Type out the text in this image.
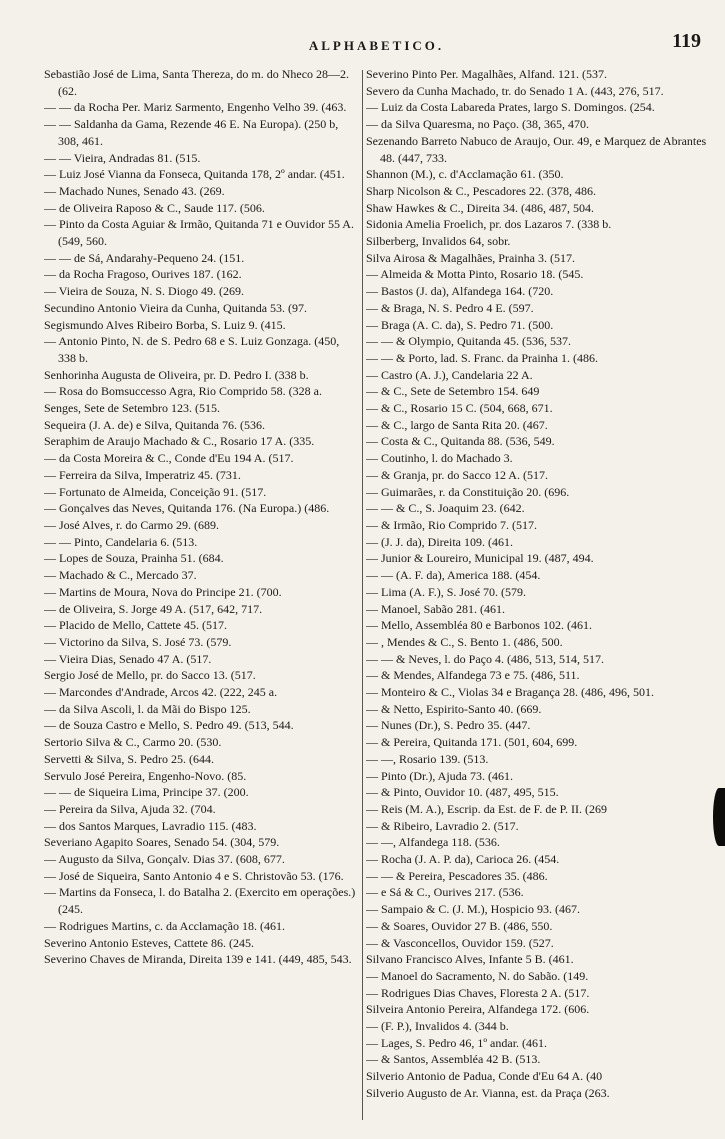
ALPHABETICO.	119
Sebastião José de Lima, Santa Thereza, do m. do Nheco 28—2. (62.
— — da Rocha Per. Mariz Sarmento, Engenho Velho 39. (463.
— — Saldanha da Gama, Rezende 46 E. Na Europa). (250 b, 308, 461.
— — Vieira, Andradas 81. (515.
— Luiz José Vianna da Fonseca, Quitanda 178, 2º andar. (451.
— Machado Nunes, Senado 43. (269.
— de Oliveira Raposo & C., Saude 117. (506.
— Pinto da Costa Aguiar & Irmão, Quitanda 71 e Ouvidor 55 A. (549, 560.
— — de Sá, Andarahy-Pequeno 24. (151.
— da Rocha Fragoso, Ourives 187. (162.
— Vieira de Souza, N. S. Diogo 49. (269.
Secundino Antonio Vieira da Cunha, Quitanda 53. (97.
Segismundo Alves Ribeiro Borba, S. Luiz 9. (415.
— Antonio Pinto, N. de S. Pedro 68 e S. Luiz Gonzaga. (450, 338 b.
Senhorinha Augusta de Oliveira, pr. D. Pedro I. (338 b.
— Rosa do Bomsuccesso Agra, Rio Comprido 58. (328 a.
Senges, Sete de Setembro 123. (515.
Sequeira (J. A. de) e Silva, Quitanda 76. (536.
Seraphim de Araujo Machado & C., Rosario 17 A. (335.
— da Costa Moreira & C., Conde d'Eu 194 A. (517.
— Ferreira da Silva, Imperatriz 45. (731.
— Fortunato de Almeida, Conceição 91. (517.
— Gonçalves das Neves, Quitanda 176. (Na Europa.) (486.
— José Alves, r. do Carmo 29. (689.
— — Pinto, Candelaria 6. (513.
— Lopes de Souza, Prainha 51. (684.
— Machado & C., Mercado 37.
— Martins de Moura, Nova do Principe 21. (700.
— de Oliveira, S. Jorge 49 A. (517, 642, 717.
— Placido de Mello, Cattete 45. (517.
— Victorino da Silva, S. José 73. (579.
— Vieira Dias, Senado 47 A. (517.
Sergio José de Mello, pr. do Sacco 13. (517.
— Marcondes d'Andrade, Arcos 42. (222, 245 a.
— da Silva Ascoli, l. da Mãi do Bispo 125.
— de Souza Castro e Mello, S. Pedro 49. (513, 544.
Sertorio Silva & C., Carmo 20. (530.
Servetti & Silva, S. Pedro 25. (644.
Servulo José Pereira, Engenho-Novo. (85.
— — de Siqueira Lima, Principe 37. (200.
— Pereira da Silva, Ajuda 32. (704.
— dos Santos Marques, Lavradio 115. (483.
Severiano Agapito Soares, Senado 54. (304, 579.
— Augusto da Silva, Gonçalv. Dias 37. (608, 677.
— José de Siqueira, Santo Antonio 4 e S. Christovão 53. (176.
— Martins da Fonseca, l. do Batalha 2. (Exercito em operações.) (245.
— Rodrigues Martins, c. da Acclamação 18. (461.
Severino Antonio Esteves, Cattete 86. (245.
Severino Chaves de Miranda, Direita 139 e 141. (449, 485, 543.
Severino Pinto Per. Magalhães, Alfand. 121. (537.
Severo da Cunha Machado, tr. do Senado 1 A. (443, 276, 517.
— Luiz da Costa Labareda Prates, largo S. Domingos. (254.
— da Silva Quaresma, no Paço. (38, 365, 470.
Sezenando Barreto Nabuco de Araujo, Our. 49, e Marquez de Abrantes 48. (447, 733.
Shannon (M.), c. d'Acclamação 61. (350.
Sharp Nicolson & C., Pescadores 22. (378, 486.
Shaw Hawkes & C., Direita 34. (486, 487, 504.
Sidonia Amelia Froelich, pr. dos Lazaros 7. (338 b.
Silberberg, Invalidos 64, sobr.
Silva Airosa & Magalhães, Prainha 3. (517.
— Almeida & Motta Pinto, Rosario 18. (545.
— Bastos (J. da), Alfandega 164. (720.
— & Braga, N. S. Pedro 4 E. (597.
— Braga (A. C. da), S. Pedro 71. (500.
— — & Olympio, Quitanda 45. (536, 537.
— — & Porto, lad. S. Franc. da Prainha 1. (486.
— Castro (A. J.), Candelaria 22 A.
— & C., Sete de Setembro 154. 649
— & C., Rosario 15 C. (504, 668, 671.
— & C., largo de Santa Rita 20. (467.
— Costa & C., Quitanda 88. (536, 549.
— Coutinho, l. do Machado 3.
— & Granja, pr. do Sacco 12 A. (517.
— Guimarães, r. da Constituição 20. (696.
— — & C., S. Joaquim 23. (642.
— & Irmão, Rio Comprido 7. (517.
— (J. J. da), Direita 109. (461.
— Junior & Loureiro, Municipal 19. (487, 494.
— — (A. F. da), America 188. (454.
— Lima (A. F.), S. José 70. (579.
— Manoel, Sabão 281. (461.
— Mello, Assembléa 80 e Barbonos 102. (461.
— , Mendes & C., S. Bento 1. (486, 500.
— — & Neves, l. do Paço 4. (486, 513, 514, 517.
— & Mendes, Alfandega 73 e 75. (486, 511.
— Monteiro & C., Violas 34 e Bragança 28. (486, 496, 501.
— & Netto, Espirito-Santo 40. (669.
— Nunes (Dr.), S. Pedro 35. (447.
— & Pereira, Quitanda 171. (501, 604, 699.
— —, Rosario 139. (513.
— Pinto (Dr.), Ajuda 73. (461.
— & Pinto, Ouvidor 10. (487, 495, 515.
— Reis (M. A.), Escrip. da Est. de F. de P. II. (269
— & Ribeiro, Lavradio 2. (517.
— —, Alfandega 118. (536.
— Rocha (J. A. P. da), Carioca 26. (454.
— — & Pereira, Pescadores 35. (486.
— e Sá & C., Ourives 217. (536.
— Sampaio & C. (J. M.), Hospicio 93. (467.
— & Soares, Ouvidor 27 B. (486, 550.
— & Vasconcellos, Ouvidor 159. (527.
Silvano Francisco Alves, Infante 5 B. (461.
— Manoel do Sacramento, N. do Sabão. (149.
— Rodrigues Dias Chaves, Floresta 2 A. (517.
Silveira Antonio Pereira, Alfandega 172. (606.
— (F. P.), Invalidos 4. (344 b.
— Lages, S. Pedro 46, 1º andar. (461.
— & Santos, Assembléa 42 B. (513.
Silverio Antonio de Padua, Conde d'Eu 64 A. (40
Silverio Augusto de Ar. Vianna, est. da Praça (263.
